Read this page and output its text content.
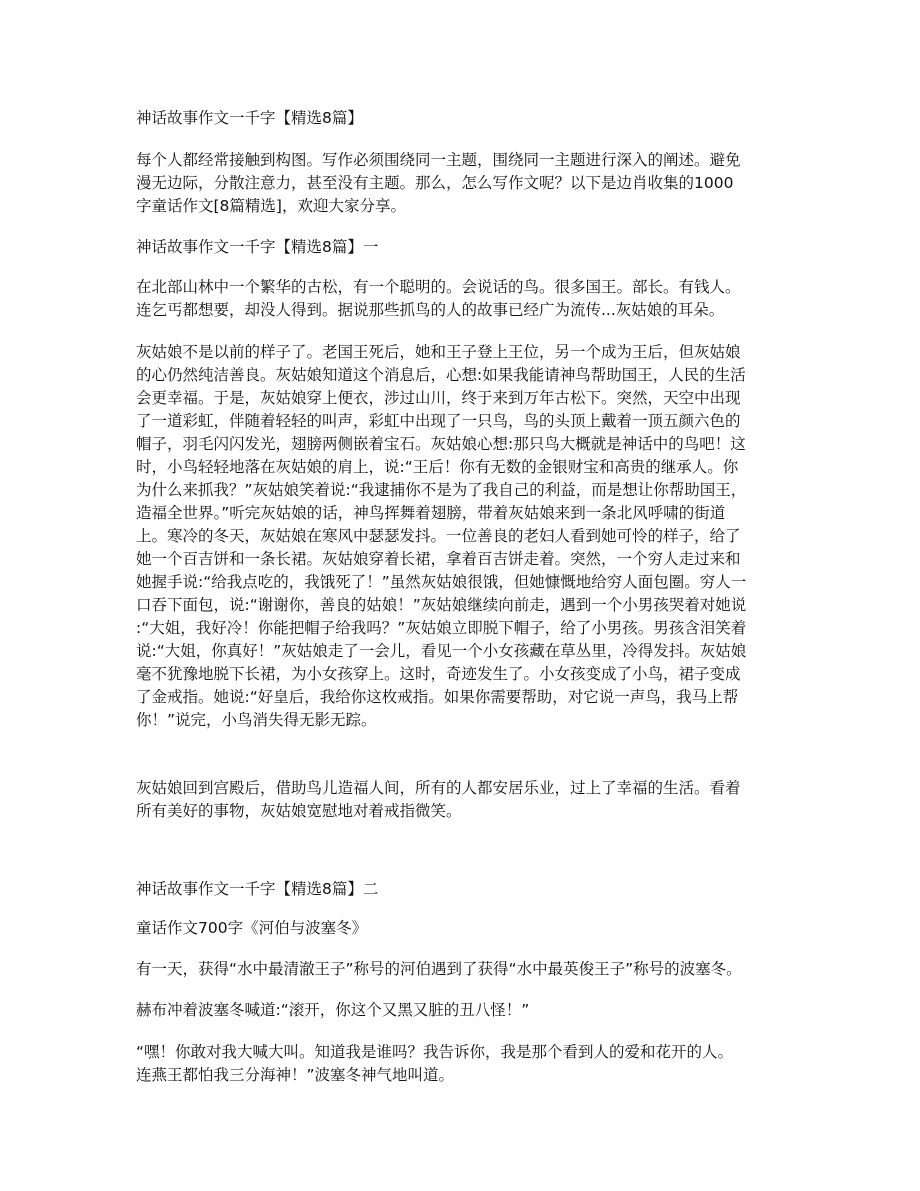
神话故事作文一千字【精选8篇】

每个人都经常接触到构图。写作必须围绕同一主题，围绕同一主题进行深入的阐述。避免
漫无边际，分散注意力，甚至没有主题。那么，怎么写作文呢？以下是边肖收集的1000
字童话作文[8篇精选]，欢迎大家分享。

神话故事作文一千字【精选8篇】一

在北部山林中一个繁华的古松，有一个聪明的。会说话的鸟。很多国王。部长。有钱人。
连乞丐都想要，却没人得到。据说那些抓鸟的人的故事已经广为流传...灰姑娘的耳朵。

灰姑娘不是以前的样子了。老国王死后，她和王子登上王位，另一个成为王后，但灰姑娘
的心仍然纯洁善良。灰姑娘知道这个消息后，心想:如果我能请神鸟帮助国王，人民的生活
会更幸福。于是，灰姑娘穿上便衣，涉过山川，终于来到万年古松下。突然，天空中出现
了一道彩虹，伴随着轻轻的叫声，彩虹中出现了一只鸟，鸟的头顶上戴着一顶五颜六色的
帽子，羽毛闪闪发光，翅膀两侧嵌着宝石。灰姑娘心想:那只鸟大概就是神话中的鸟吧！这
时，小鸟轻轻地落在灰姑娘的肩上，说:“王后！你有无数的金银财宝和高贵的继承人。你
为什么来抓我？”灰姑娘笑着说:“我逮捕你不是为了我自己的利益，而是想让你帮助国王，
造福全世界。”听完灰姑娘的话，神鸟挥舞着翅膀，带着灰姑娘来到一条北风呼啸的街道
上。寒冷的冬天，灰姑娘在寒风中瑟瑟发抖。一位善良的老妇人看到她可怜的样子，给了
她一个百吉饼和一条长裙。灰姑娘穿着长裙，拿着百吉饼走着。突然，一个穷人走过来和
她握手说:“给我点吃的，我饿死了！”虽然灰姑娘很饿，但她慷慨地给穷人面包圈。穷人一
口吞下面包，说:“谢谢你，善良的姑娘！”灰姑娘继续向前走，遇到一个小男孩哭着对她说
:“大姐，我好冷！你能把帽子给我吗？”灰姑娘立即脱下帽子，给了小男孩。男孩含泪笑着
说:“大姐，你真好！”灰姑娘走了一会儿，看见一个小女孩藏在草丛里，冷得发抖。灰姑娘
毫不犹豫地脱下长裙，为小女孩穿上。这时，奇迹发生了。小女孩变成了小鸟，裙子变成
了金戒指。她说:“好皇后，我给你这枚戒指。如果你需要帮助，对它说一声鸟，我马上帮
你！”说完，小鸟消失得无影无踪。

灰姑娘回到宫殿后，借助鸟儿造福人间，所有的人都安居乐业，过上了幸福的生活。看着
所有美好的事物，灰姑娘宽慰地对着戒指微笑。

神话故事作文一千字【精选8篇】二

童话作文700字《河伯与波塞冬》

有一天，获得“水中最清澈王子”称号的河伯遇到了获得“水中最英俊王子”称号的波塞冬。

赫布冲着波塞冬喊道:“滚开，你这个又黑又脏的丑八怪！”

“嘿！你敢对我大喊大叫。知道我是谁吗？我告诉你，我是那个看到人的爱和花开的人。
连燕王都怕我三分海神！”波塞冬神气地叫道。
